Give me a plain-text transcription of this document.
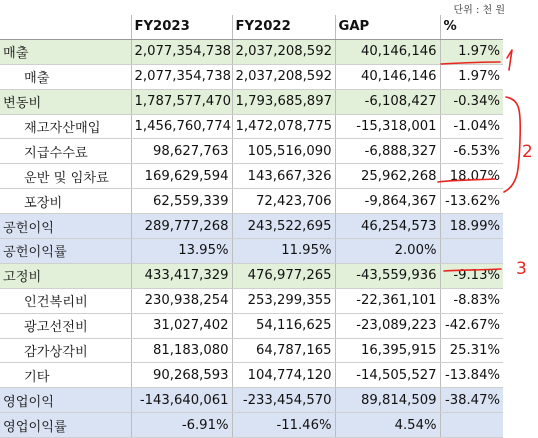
단위 : 천 원
	FY2023	FY2022	GAP	%
매출	2,077,354,738	2,037,208,592	40,146,146	1.97%
매출	2,077,354,738	2,037,208,592	40,146,146	1.97%
변동비	1,787,577,470	1,793,685,897	-6,108,427	-0.34%
재고자산매입	1,456,760,774	1,472,078,775	-15,318,001	-1.04%
지급수수료	98,627,763	105,516,090	-6,888,327	-6.53%
운반 및 임차료	169,629,594	143,667,326	25,962,268	18.07%
포장비	62,559,339	72,423,706	-9,864,367	-13.62%
공헌이익	289,777,268	243,522,695	46,254,573	18.99%
공헌이익률	13.95%	11.95%	2.00%	
고정비	433,417,329	476,977,265	-43,559,936	-9.13%
인건복리비	230,938,254	253,299,355	-22,361,101	-8.83%
광고선전비	31,027,402	54,116,625	-23,089,223	-42.67%
감가상각비	81,183,080	64,787,165	16,395,915	25.31%
기타	90,268,593	104,774,120	-14,505,527	-13.84%
영업이익	-143,640,061	-233,454,570	89,814,509	-38.47%
영업이익률	-6.91%	-11.46%	4.54%	
2
3
